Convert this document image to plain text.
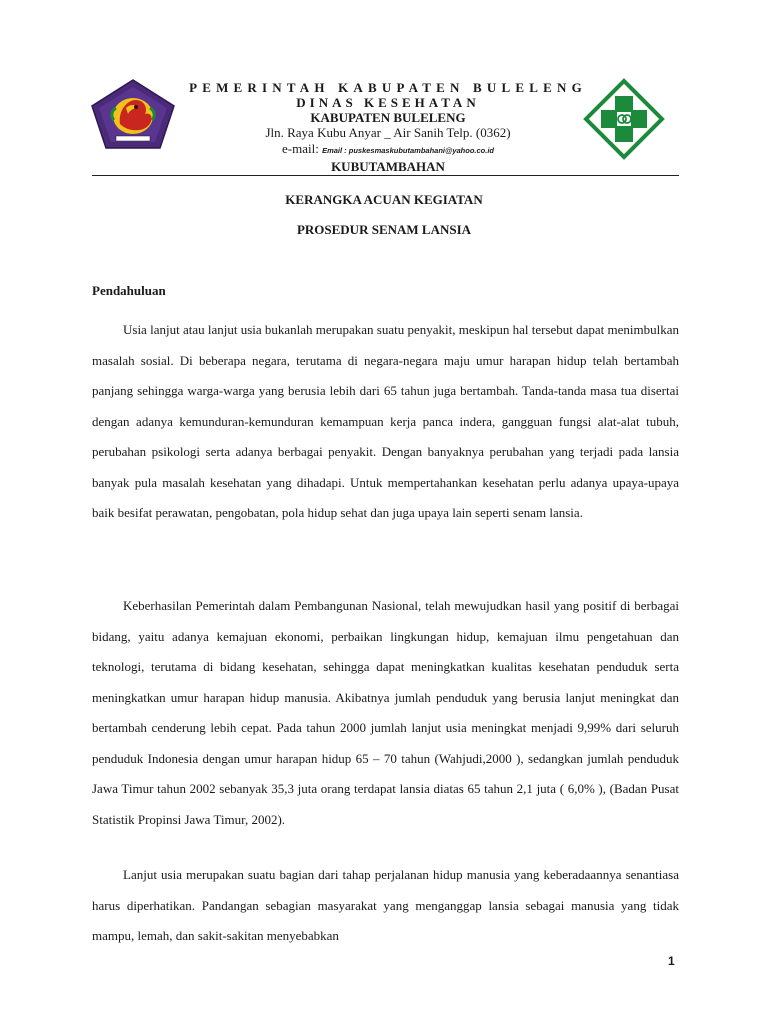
PEMERINTAH KABUPATEN BULELENG
DINAS KESEHATAN
KABUPATEN BULELENG
Jln. Raya Kubu Anyar _ Air Sanih Telp. (0362)
e-mail: Email : puskesmaskubutambahani@yahoo.co.id
KUBUTAMBAHAN
KERANGKA ACUAN KEGIATAN
PROSEDUR SENAM LANSIA
Pendahuluan

Usia lanjut atau lanjut usia bukanlah merupakan suatu penyakit, meskipun hal tersebut dapat menimbulkan masalah sosial. Di beberapa negara, terutama di negara-negara maju umur harapan hidup telah bertambah panjang sehingga warga-warga yang berusia lebih dari 65 tahun juga bertambah. Tanda-tanda masa tua disertai dengan adanya kemunduran-kemunduran kemampuan kerja panca indera, gangguan fungsi alat-alat tubuh, perubahan psikologi serta adanya berbagai penyakit. Dengan banyaknya perubahan yang terjadi pada lansia banyak pula masalah kesehatan yang dihadapi. Untuk mempertahankan kesehatan perlu adanya upaya-upaya baik besifat perawatan, pengobatan, pola hidup sehat dan juga upaya lain seperti senam lansia.

Keberhasilan Pemerintah dalam Pembangunan Nasional, telah mewujudkan hasil yang positif di berbagai bidang, yaitu adanya kemajuan ekonomi, perbaikan lingkungan hidup, kemajuan ilmu pengetahuan dan teknologi, terutama di bidang kesehatan, sehingga dapat meningkatkan kualitas kesehatan penduduk serta meningkatkan umur harapan hidup manusia. Akibatnya jumlah penduduk yang berusia lanjut meningkat dan bertambah cenderung lebih cepat. Pada tahun 2000 jumlah lanjut usia meningkat menjadi 9,99% dari seluruh penduduk Indonesia dengan umur harapan hidup 65 – 70 tahun (Wahjudi,2000 ), sedangkan jumlah penduduk Jawa Timur tahun 2002 sebanyak 35,3 juta orang terdapat lansia diatas 65 tahun 2,1 juta ( 6,0% ), (Badan Pusat Statistik Propinsi Jawa Timur, 2002).

Lanjut usia merupakan suatu bagian dari tahap perjalanan hidup manusia yang keberadaannya senantiasa harus diperhatikan. Pandangan sebagian masyarakat yang menganggap lansia sebagai manusia yang tidak mampu, lemah, dan sakit-sakitan menyebabkan

1
